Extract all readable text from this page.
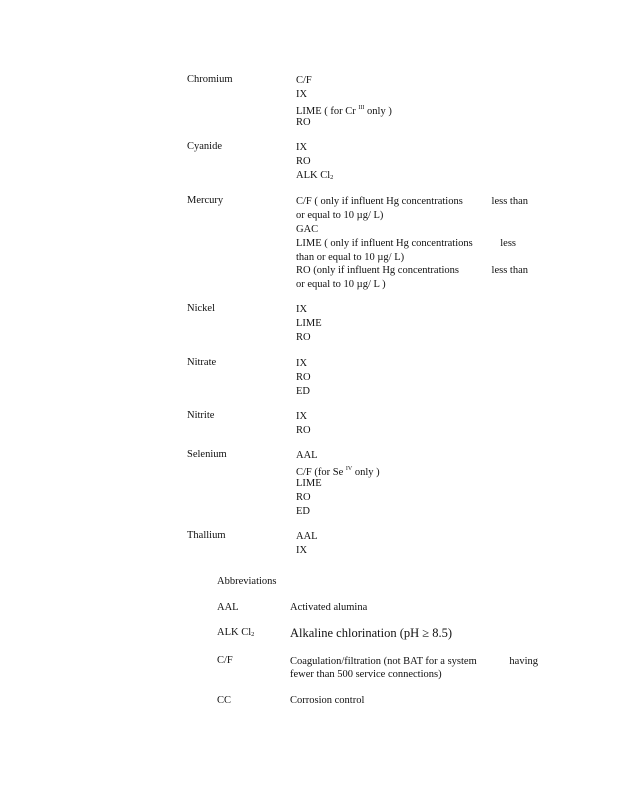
Chromium	C/F
IX
LIME ( for Cr $^{III}$ only )
RO
Cyanide	IX
RO
ALK $Cl_2$
Mercury	C/F ( only if influent Hg concentrations	less than
or equal to 10 µg/ L)
GAC
LIME ( only if influent Hg concentrations	less
than or equal to 10 µg/ L)
RO (only if influent Hg concentrations	less than
or equal to 10 µg/ L )
Nickel	IX
LIME
RO
Nitrate	IX
RO
ED
Nitrite	IX
RO
Selenium	AAL
C/F (for Se $^{IV}$ only )
LIME
RO
ED
Thallium	AAL
IX
Abbreviations
AAL	Activated alumina
ALK $Cl_2$	Alkaline chlorination (pH ≥ 8.5)
C/F	Coagulation/filtration (not BAT for a system	having
fewer than 500 service connections)
CC	Corrosion control
